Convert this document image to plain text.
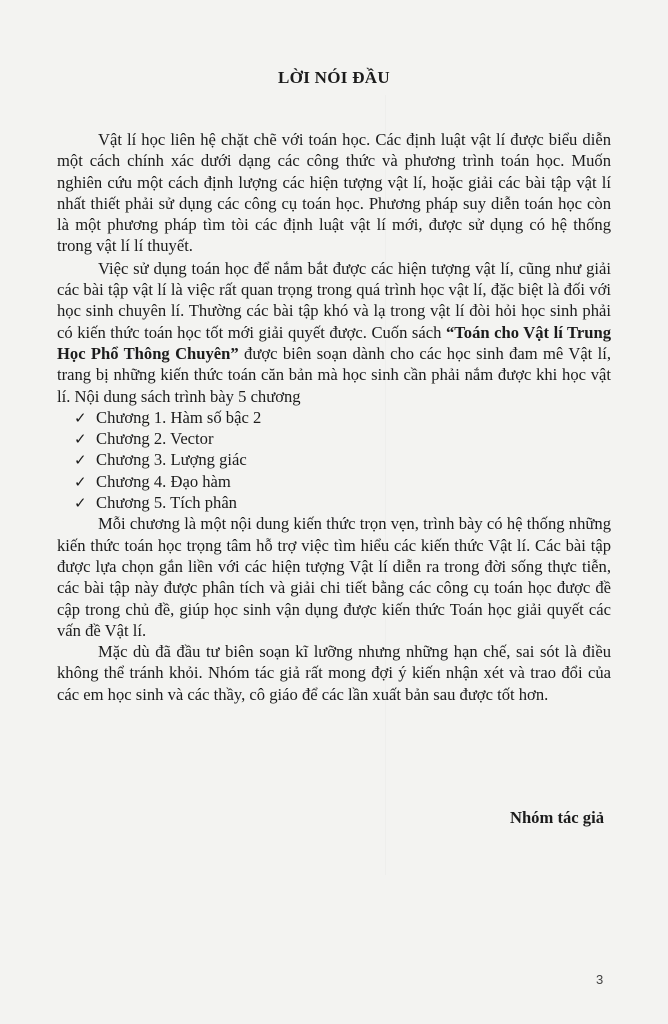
LỜI NÓI ĐẦU

Vật lí học liên hệ chặt chẽ với toán học. Các định luật vật lí được biểu diễn một cách chính xác dưới dạng các công thức và phương trình toán học. Muốn nghiên cứu một cách định lượng các hiện tượng vật lí, hoặc giải các bài tập vật lí nhất thiết phải sử dụng các công cụ toán học. Phương pháp suy diễn toán học còn là một phương pháp tìm tòi các định luật vật lí mới, được sử dụng có hệ thống trong vật lí lí thuyết.

Việc sử dụng toán học để nắm bắt được các hiện tượng vật lí, cũng như giải các bài tập vật lí là việc rất quan trọng trong quá trình học vật lí, đặc biệt là đối với học sinh chuyên lí. Thường các bài tập khó và lạ trong vật lí đòi hỏi học sinh phải có kiến thức toán học tốt mới giải quyết được. Cuốn sách “Toán cho Vật lí Trung Học Phổ Thông Chuyên” được biên soạn dành cho các học sinh đam mê Vật lí, trang bị những kiến thức toán căn bản mà học sinh cần phải nắm được khi học vật lí. Nội dung sách trình bày 5 chương

✓ Chương 1. Hàm số bậc 2
✓ Chương 2. Vector
✓ Chương 3. Lượng giác
✓ Chương 4. Đạo hàm
✓ Chương 5. Tích phân

Mỗi chương là một nội dung kiến thức trọn vẹn, trình bày có hệ thống những kiến thức toán học trọng tâm hỗ trợ việc tìm hiểu các kiến thức Vật lí. Các bài tập được lựa chọn gắn liền với các hiện tượng Vật lí diễn ra trong đời sống thực tiễn, các bài tập này được phân tích và giải chi tiết bằng các công cụ toán học được đề cập trong chủ đề, giúp học sinh vận dụng được kiến thức Toán học giải quyết các vấn đề Vật lí.

Mặc dù đã đầu tư biên soạn kĩ lưỡng nhưng những hạn chế, sai sót là điều không thể tránh khỏi. Nhóm tác giả rất mong đợi ý kiến nhận xét và trao đổi của các em học sinh và các thầy, cô giáo để các lần xuất bản sau được tốt hơn.

Nhóm tác giả
3
